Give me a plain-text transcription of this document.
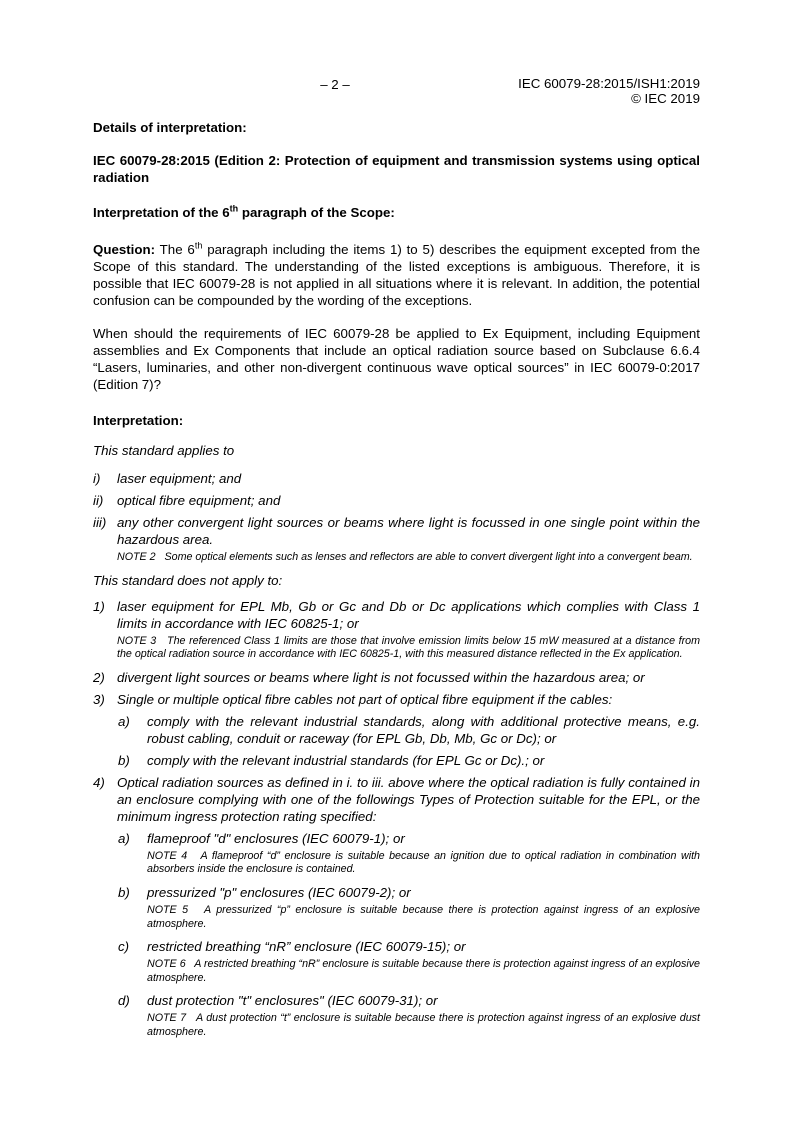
– 2 –	IEC 60079-28:2015/ISH1:2019
© IEC 2019

Details of interpretation:

IEC 60079-28:2015 (Edition 2: Protection of equipment and transmission systems using optical radiation

Interpretation of the 6th paragraph of the Scope:

Question: The 6th paragraph including the items 1) to 5) describes the equipment excepted from the Scope of this standard. The understanding of the listed exceptions is ambiguous. Therefore, it is possible that IEC 60079-28 is not applied in all situations where it is relevant. In addition, the potential confusion can be compounded by the wording of the exceptions.

When should the requirements of IEC 60079-28 be applied to Ex Equipment, including Equipment assemblies and Ex Components that include an optical radiation source based on Subclause 6.6.4 “Lasers, luminaries, and other non-divergent continuous wave optical sources” in IEC 60079-0:2017 (Edition 7)?

Interpretation:

This standard applies to

i)	laser equipment; and
ii)	optical fibre equipment; and
iii) any other convergent light sources or beams where light is focussed in one single point within the hazardous area.
NOTE 2   Some optical elements such as lenses and reflectors are able to convert divergent light into a convergent beam.

This standard does not apply to:

1) laser equipment for EPL Mb, Gb or Gc and Db or Dc applications which complies with Class 1 limits in accordance with IEC 60825-1; or
NOTE 3   The referenced Class 1 limits are those that involve emission limits below 15 mW measured at a distance from the optical radiation source in accordance with IEC 60825-1, with this measured distance reflected in the Ex application.
2) divergent light sources or beams where light is not focussed within the hazardous area; or
3) Single or multiple optical fibre cables not part of optical fibre equipment if the cables:
a)	comply with the relevant industrial standards, along with additional protective means, e.g. robust cabling, conduit or raceway (for EPL Gb, Db, Mb, Gc or Dc); or
b)	comply with the relevant industrial standards (for EPL Gc or Dc).; or
4) Optical radiation sources as defined in i. to iii. above where the optical radiation is fully contained in an enclosure complying with one of the followings Types of Protection suitable for the EPL, or the minimum ingress protection rating specified:
a)	flameproof "d" enclosures (IEC 60079-1); or
NOTE 4   A flameproof “d” enclosure is suitable because an ignition due to optical radiation in combination with absorbers inside the enclosure is contained.
b)	pressurized "p" enclosures (IEC 60079-2); or
NOTE 5   A pressurized “p” enclosure is suitable because there is protection against ingress of an explosive atmosphere.
c)	restricted breathing “nR” enclosure (IEC 60079-15); or
NOTE 6   A restricted breathing “nR” enclosure is suitable because there is protection against ingress of an explosive atmosphere.
d)	dust protection "t" enclosures" (IEC 60079-31); or
NOTE 7   A dust protection “t” enclosure is suitable because there is protection against ingress of an explosive dust atmosphere.
